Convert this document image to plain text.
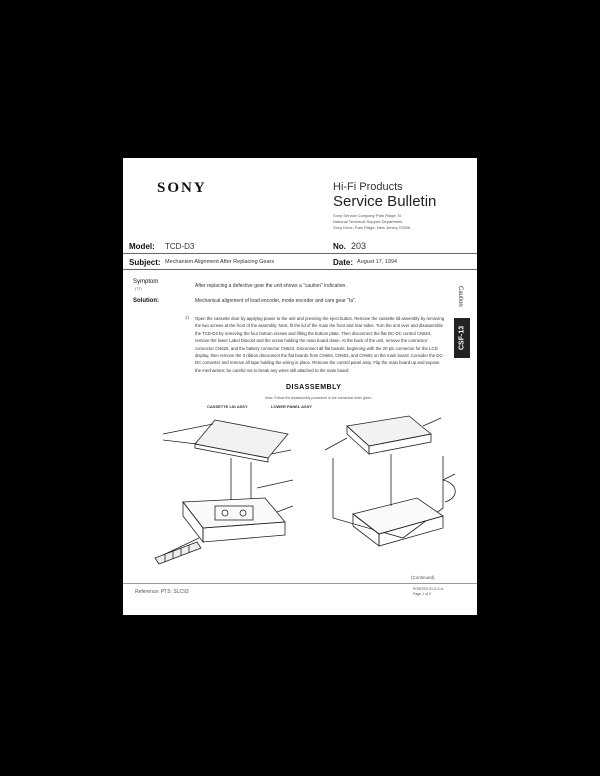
SONY	Hi-Fi Products
Service Bulletin
Sony Service Company Park Ridge, N.
National Technical Support Department
Sony Drive, Park Ridge, New Jersey 07656
Model: TCD-D3	No. 203
Subject: Mechanism Alignment After Replacing Gears	Date: August 17, 1994
Symptom
(TT)	After replacing a defective gear the unit shows a "caution" indication.
Solution:	Mechanical alignment of load encoder, mode encoder and cam gear "Ia".
1) Open the cassette door by applying power to the unit and pressing the eject button. Remove the cassette lid assembly by removing the two screws at the front of the assembly. Next, fit the lid of the main the front and rear sides. Turn the unit over and disassemble the TCD-D3 by removing the four bottom screws and lifting the bottom plate. Then disconnect the flat DC-DC control CN624, remove the lower Label Discont and the screw holding the main board down. At the back of the unit, remove the connector connector CN629, and the battery connector CN623. Disconnect all flat boards, beginning with the 20 pin connector for the LCD display, then remove the 3 ribbon disconnect the flat boards from CN604, CN603, and CN602 on the main board. Consider the DC-DC converter and remove all tape holding the wiring in place. Remove the control panel assy. Flip the main board up and expose the mechanism; be careful not to break any wires still attached to the main board.
Caution
CSF-13
DISASSEMBLY
Note: Follow the disassembly procedure in the numerical order given.
CASSETTE LID ASSY	LOWER PANEL ASSY
(Continued)
Reference: PTS: SLC93	PRINTED IN U.S.A.
Page 1 of 2
